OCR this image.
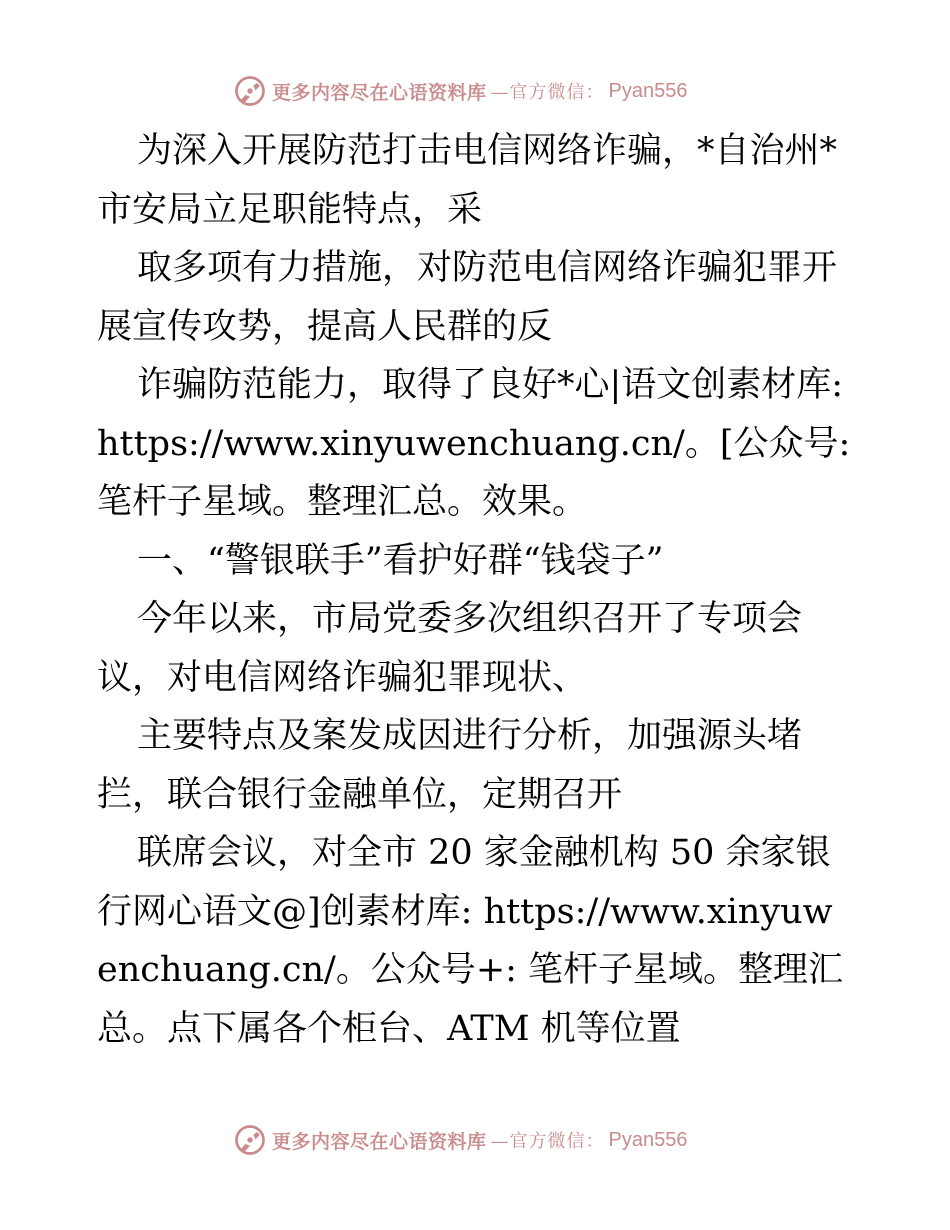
更多内容尽在心语资料库 —官方微信： Pyan556

为深入开展防范打击电信网络诈骗，*自治州*市安局立足职能特点，采

取多项有力措施，对防范电信网络诈骗犯罪开展宣传攻势，提高人民群的反

诈骗防范能力，取得了良好*心|语文创素材库: https://www.xinyuwenchuang.cn/。[公众号: 笔杆子星域。整理汇总。效果。

一、“警银联手”看护好群“钱袋子”

今年以来，市局党委多次组织召开了专项会议，对电信网络诈骗犯罪现状、

主要特点及案发成因进行分析，加强源头堵拦，联合银行金融单位，定期召开

联席会议，对全市 20 家金融机构 50 余家银行网心语文@]创素材库: https://www.xinyuwenchuang.cn/。公众号+: 笔杆子星域。整理汇总。点下属各个柜台、ATM 机等位置

更多内容尽在心语资料库 —官方微信： Pyan556
